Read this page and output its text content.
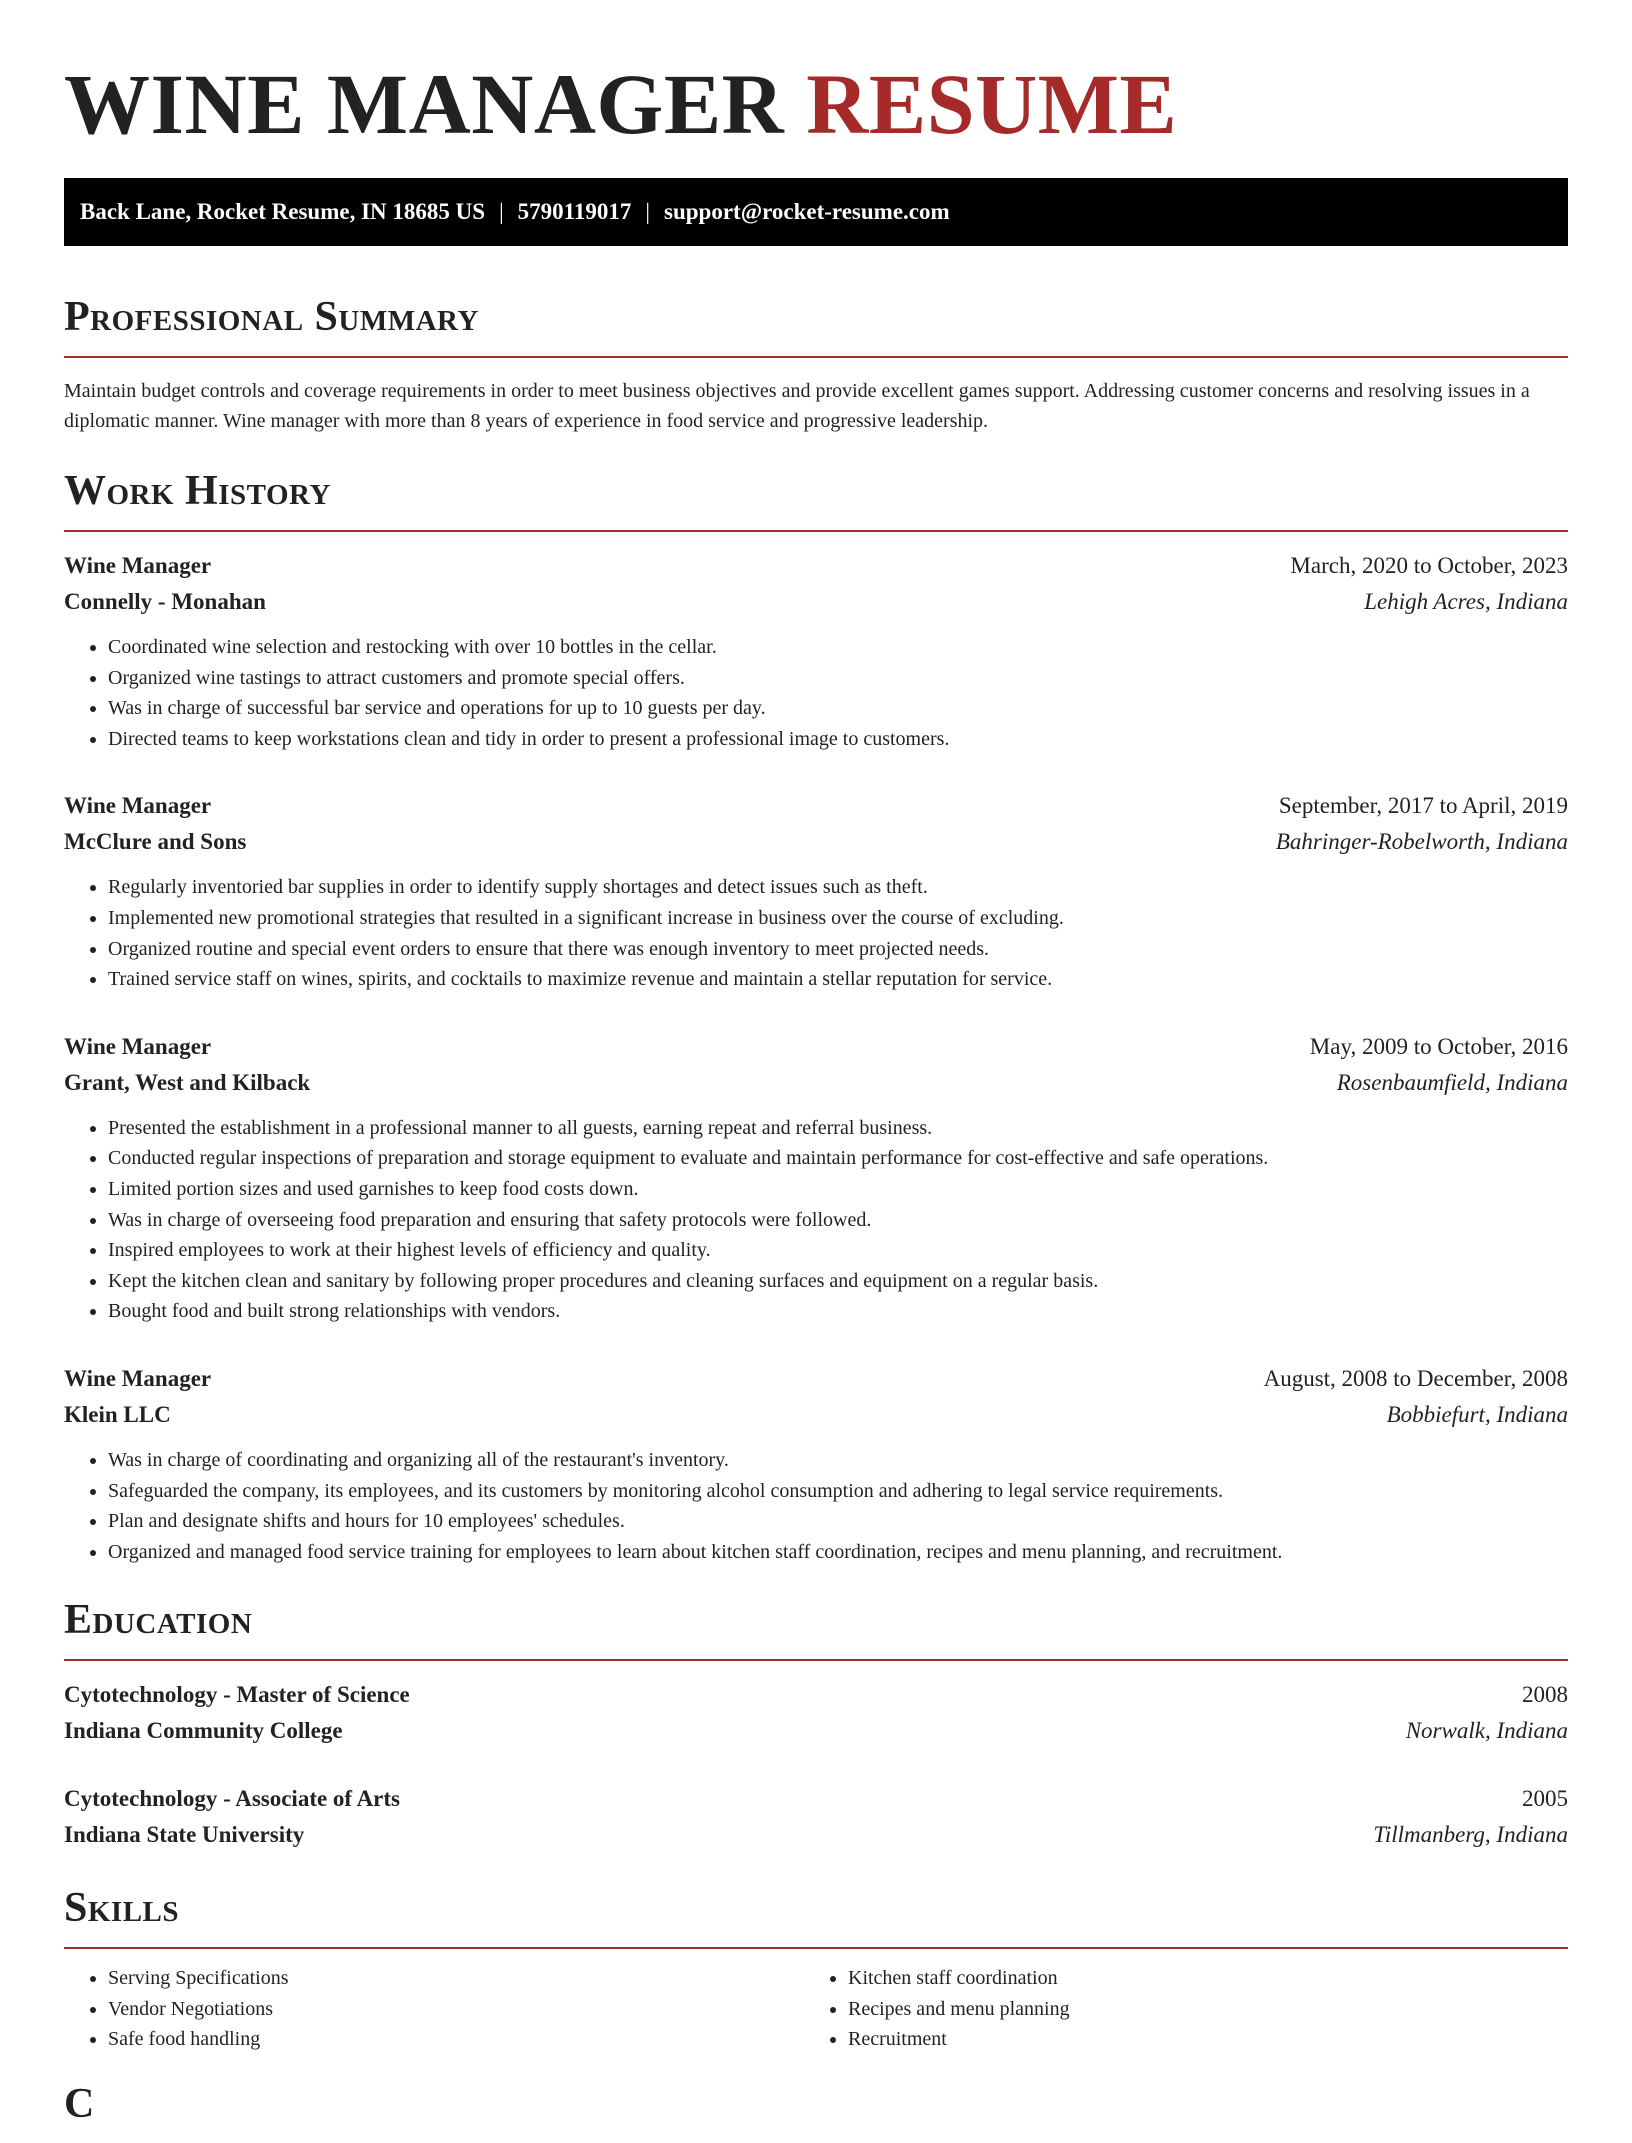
WINE MANAGER RESUME
Back Lane, Rocket Resume, IN 18685 US | 5790119017 | support@rocket-resume.com
Professional Summary
Maintain budget controls and coverage requirements in order to meet business objectives and provide excellent games support. Addressing customer concerns and resolving issues in a diplomatic manner. Wine manager with more than 8 years of experience in food service and progressive leadership.
Work History
Wine Manager	March, 2020 to October, 2023
Connelly - Monahan	Lehigh Acres, Indiana
• Coordinated wine selection and restocking with over 10 bottles in the cellar.
• Organized wine tastings to attract customers and promote special offers.
• Was in charge of successful bar service and operations for up to 10 guests per day.
• Directed teams to keep workstations clean and tidy in order to present a professional image to customers.
Wine Manager	September, 2017 to April, 2019
McClure and Sons	Bahringer-Robelworth, Indiana
• Regularly inventoried bar supplies in order to identify supply shortages and detect issues such as theft.
• Implemented new promotional strategies that resulted in a significant increase in business over the course of excluding.
• Organized routine and special event orders to ensure that there was enough inventory to meet projected needs.
• Trained service staff on wines, spirits, and cocktails to maximize revenue and maintain a stellar reputation for service.
Wine Manager	May, 2009 to October, 2016
Grant, West and Kilback	Rosenbaumfield, Indiana
• Presented the establishment in a professional manner to all guests, earning repeat and referral business.
• Conducted regular inspections of preparation and storage equipment to evaluate and maintain performance for cost-effective and safe operations.
• Limited portion sizes and used garnishes to keep food costs down.
• Was in charge of overseeing food preparation and ensuring that safety protocols were followed.
• Inspired employees to work at their highest levels of efficiency and quality.
• Kept the kitchen clean and sanitary by following proper procedures and cleaning surfaces and equipment on a regular basis.
• Bought food and built strong relationships with vendors.
Wine Manager	August, 2008 to December, 2008
Klein LLC	Bobbiefurt, Indiana
• Was in charge of coordinating and organizing all of the restaurant's inventory.
• Safeguarded the company, its employees, and its customers by monitoring alcohol consumption and adhering to legal service requirements.
• Plan and designate shifts and hours for 10 employees' schedules.
• Organized and managed food service training for employees to learn about kitchen staff coordination, recipes and menu planning, and recruitment.
Education
Cytotechnology - Master of Science	2008
Indiana Community College	Norwalk, Indiana
Cytotechnology - Associate of Arts	2005
Indiana State University	Tillmanberg, Indiana
Skills
• Serving Specifications
• Vendor Negotiations
• Safe food handling
• Kitchen staff coordination
• Recipes and menu planning
• Recruitment
C
